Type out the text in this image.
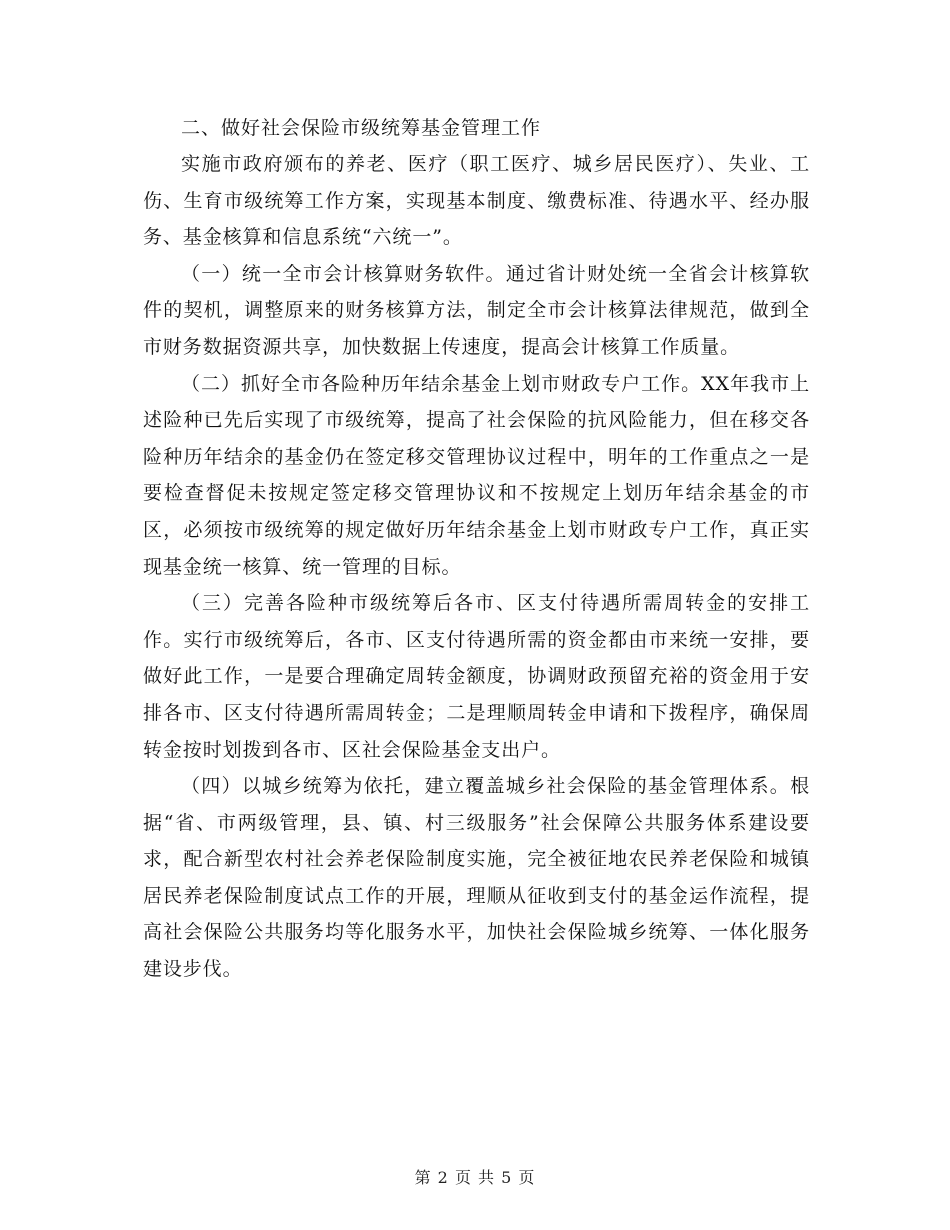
二、做好社会保险市级统筹基金管理工作

实施市政府颁布的养老、医疗（职工医疗、城乡居民医疗）、失业、工伤、生育市级统筹工作方案，实现基本制度、缴费标准、待遇水平、经办服务、基金核算和信息系统“六统一”。

（一）统一全市会计核算财务软件。通过省计财处统一全省会计核算软件的契机，调整原来的财务核算方法，制定全市会计核算法律规范，做到全市财务数据资源共享，加快数据上传速度，提高会计核算工作质量。

（二）抓好全市各险种历年结余基金上划市财政专户工作。XX年我市上述险种已先后实现了市级统筹，提高了社会保险的抗风险能力，但在移交各险种历年结余的基金仍在签定移交管理协议过程中，明年的工作重点之一是要检查督促未按规定签定移交管理协议和不按规定上划历年结余基金的市区，必须按市级统筹的规定做好历年结余基金上划市财政专户工作，真正实现基金统一核算、统一管理的目标。

（三）完善各险种市级统筹后各市、区支付待遇所需周转金的安排工作。实行市级统筹后，各市、区支付待遇所需的资金都由市来统一安排，要做好此工作，一是要合理确定周转金额度，协调财政预留充裕的资金用于安排各市、区支付待遇所需周转金；二是理顺周转金申请和下拨程序，确保周转金按时划拨到各市、区社会保险基金支出户。

（四）以城乡统筹为依托，建立覆盖城乡社会保险的基金管理体系。根据“省、市两级管理，县、镇、村三级服务”社会保障公共服务体系建设要求，配合新型农村社会养老保险制度实施，完全被征地农民养老保险和城镇居民养老保险制度试点工作的开展，理顺从征收到支付的基金运作流程，提高社会保险公共服务均等化服务水平，加快社会保险城乡统筹、一体化服务建设步伐。

第 2 页 共 5 页
